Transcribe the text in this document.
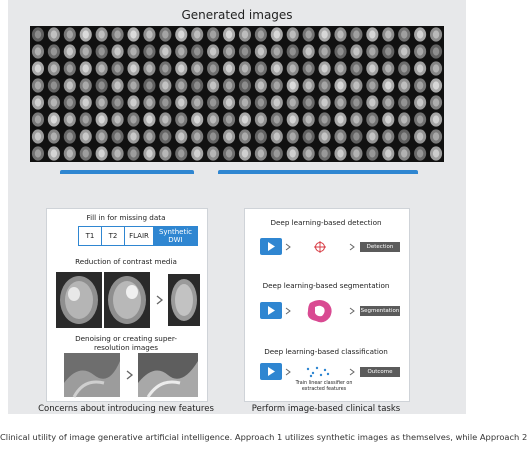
Generated images
Fill in for missing data
T1	T2	FLAIR	Synthetic DWI
Reduction of contrast media
Denoising or creating super-resolution images
Concerns about introducing new features
Deep learning-based detection
Detection
Deep learning-based segmentation
Segmentation
Deep learning-based classification
Outcome
Train linear classifier on extracted features
Perform image-based clinical tasks
Clinical utility of image generative artificial intelligence. Approach 1 utilizes synthetic images as themselves, while Approach 2
